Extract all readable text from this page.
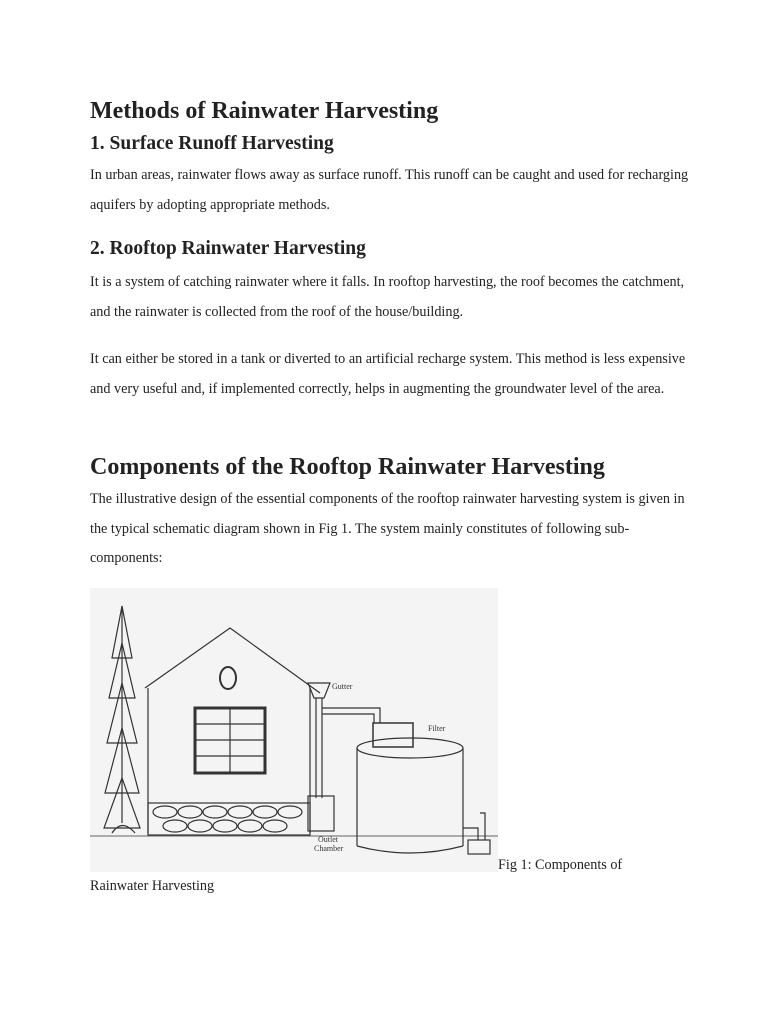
Methods of Rainwater Harvesting
1. Surface Runoff Harvesting

In urban areas, rainwater flows away as surface runoff. This runoff can be caught and used for recharging aquifers by adopting appropriate methods.

2. Rooftop Rainwater Harvesting

It is a system of catching rainwater where it falls. In rooftop harvesting, the roof becomes the catchment, and the rainwater is collected from the roof of the house/building.

It can either be stored in a tank or diverted to an artificial recharge system. This method is less expensive and very useful and, if implemented correctly, helps in augmenting the groundwater level of the area.

Components of the Rooftop Rainwater Harvesting

The illustrative design of the essential components of the rooftop rainwater harvesting system is given in the typical schematic diagram shown in Fig 1. The system mainly constitutes of following sub-components:

Gutter
Filter
Outlet
Chamber
Fig 1: Components of
Rainwater Harvesting
